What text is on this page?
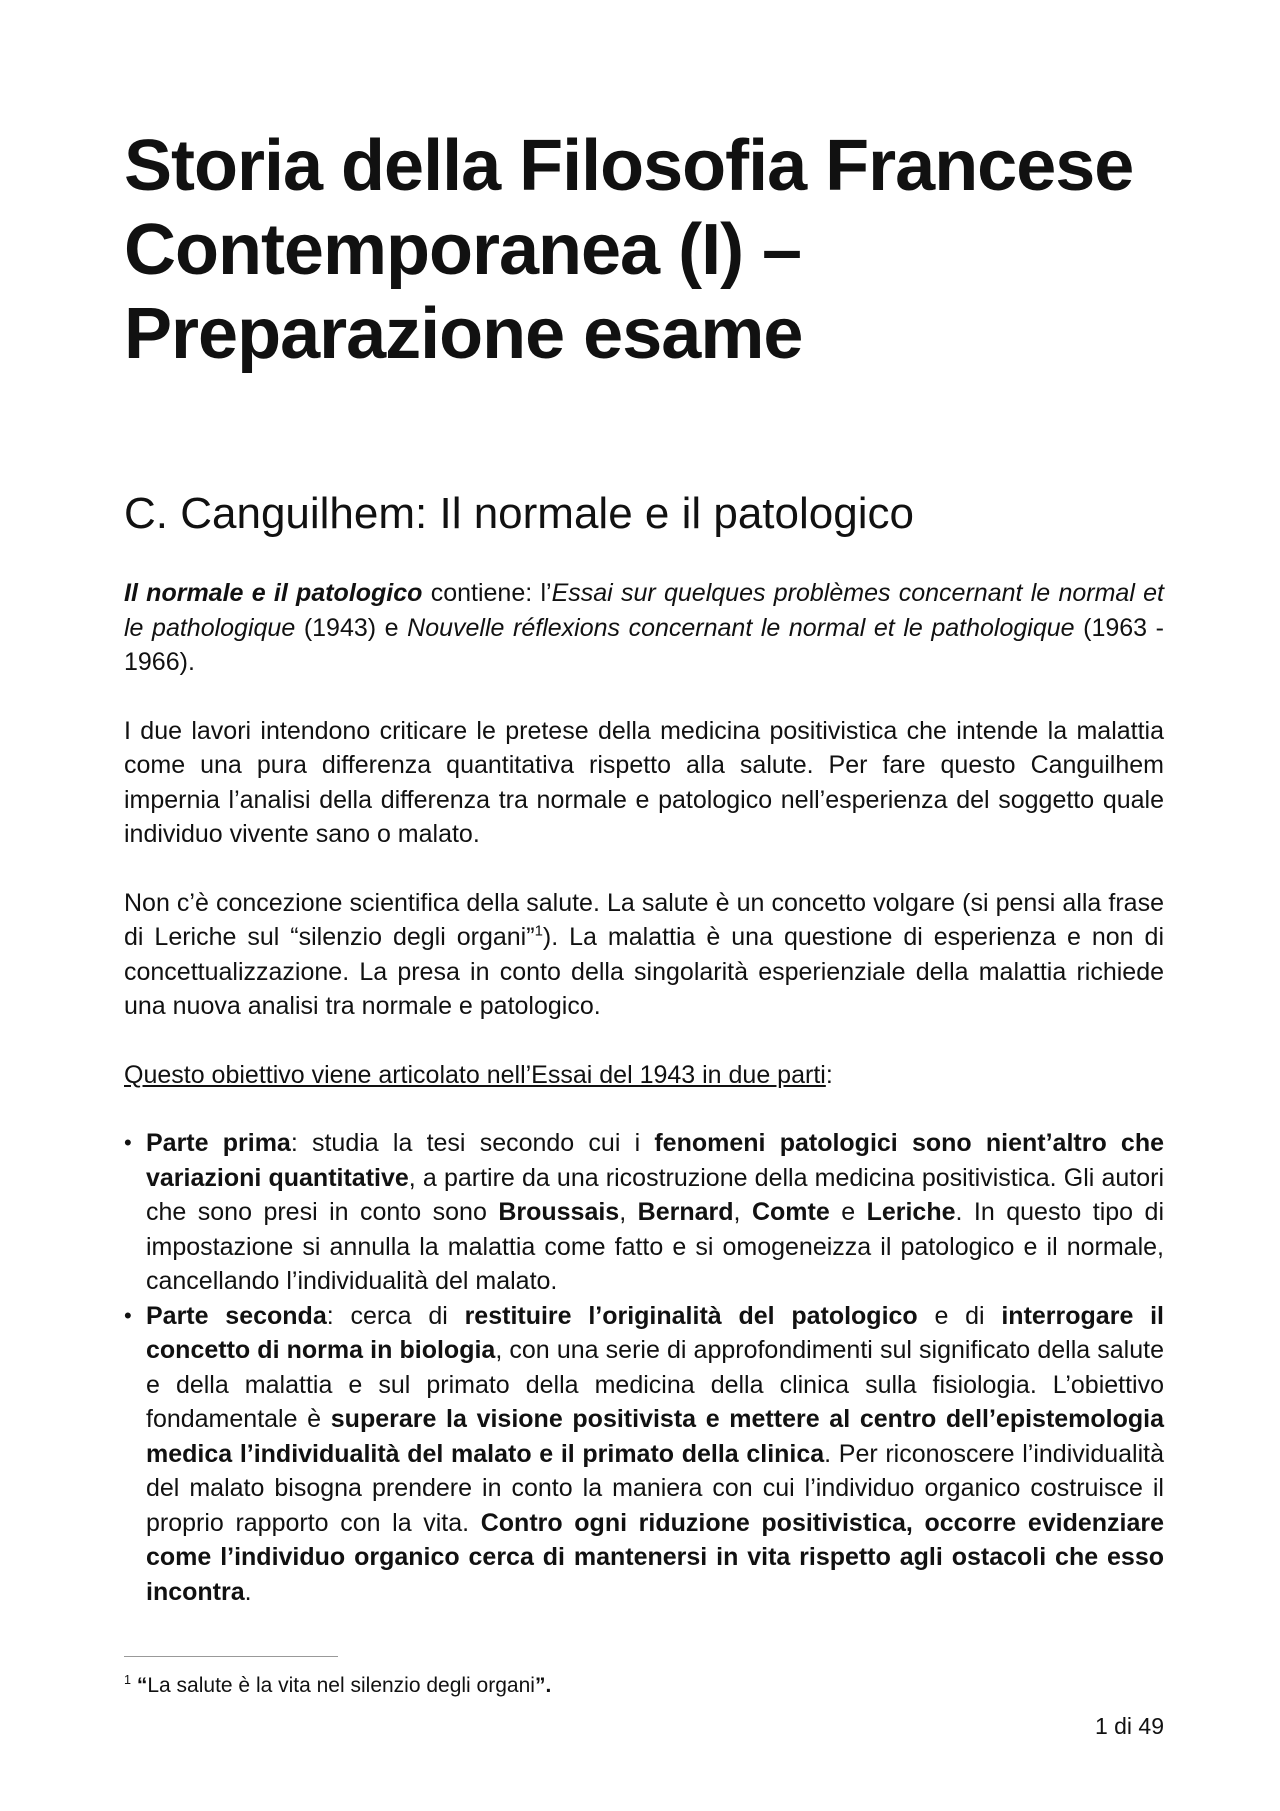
Storia della Filosofia Francese
Contemporanea (I) –
Preparazione esame
C. Canguilhem: Il normale e il patologico

Il normale e il patologico contiene: l’Essai sur quelques problèmes concernant le normal et le pathologique (1943) e Nouvelle réflexions concernant le normal et le pathologique (1963 - 1966).

I due lavori intendono criticare le pretese della medicina positivistica che intende la malattia come una pura differenza quantitativa rispetto alla salute. Per fare questo Canguilhem impernia l’analisi della differenza tra normale e patologico nell’esperienza del soggetto quale individuo vivente sano o malato.

Non c’è concezione scientifica della salute. La salute è un concetto volgare (si pensi alla frase di Leriche sul “silenzio degli organi”$^1$). La malattia è una questione di esperienza e non di concettualizzazione. La presa in conto della singolarità esperienziale della malattia richiede una nuova analisi tra normale e patologico.

Questo obiettivo viene articolato nell’Essai del 1943 in due parti:

• Parte prima: studia la tesi secondo cui i fenomeni patologici sono nient’altro che variazioni quantitative, a partire da una ricostruzione della medicina positivistica. Gli autori che sono presi in conto sono Broussais, Bernard, Comte e Leriche. In questo tipo di impostazione si annulla la malattia come fatto e si omogeneizza il patologico e il normale, cancellando l’individualità del malato.
• Parte seconda: cerca di restituire l’originalità del patologico e di interrogare il concetto di norma in biologia, con una serie di approfondimenti sul significato della salute e della malattia e sul primato della medicina della clinica sulla fisiologia. L’obiettivo fondamentale è superare la visione positivista e mettere al centro dell’epistemologia medica l’individualità del malato e il primato della clinica. Per riconoscere l’individualità del malato bisogna prendere in conto la maniera con cui l’individuo organico costruisce il proprio rapporto con la vita. Contro ogni riduzione positivistica, occorre evidenziare come l’individuo organico cerca di mantenersi in vita rispetto agli ostacoli che esso incontra.
$^1$ “La salute è la vita nel silenzio degli organi”.
1 di 49
